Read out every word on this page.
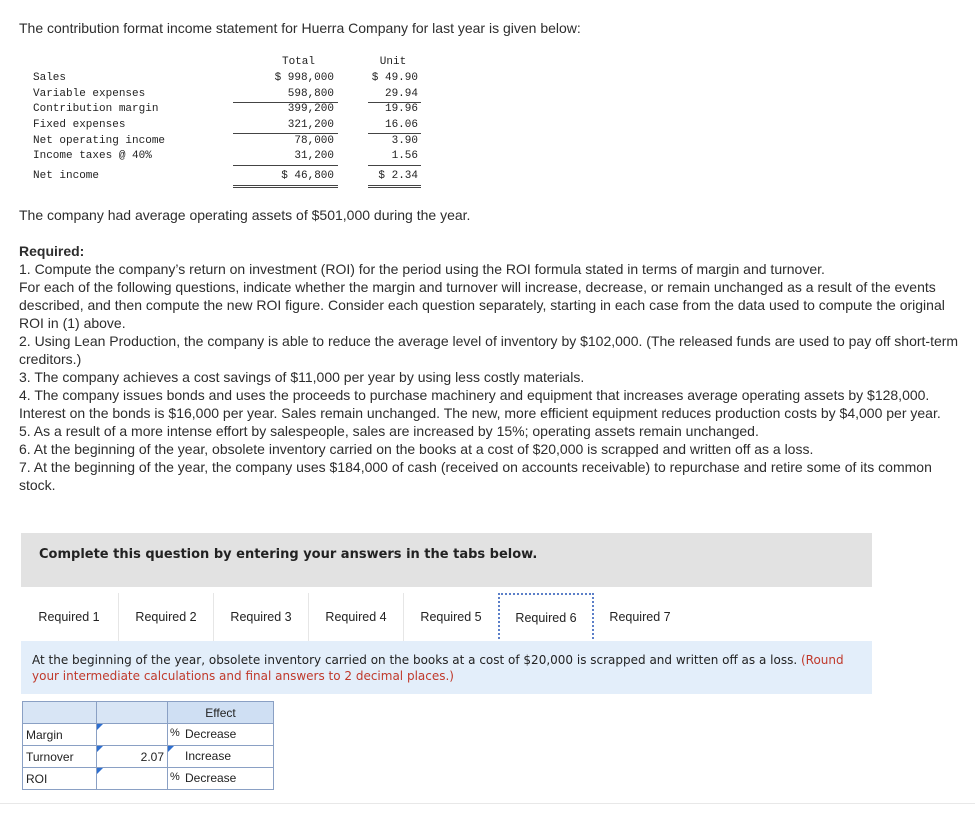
The contribution format income statement for Huerra Company for last year is given below:

Total	Unit
Sales	$ 998,000	$ 49.90
Variable expenses	598,800	29.94
Contribution margin	399,200	19.96
Fixed expenses	321,200	16.06
Net operating income	78,000	3.90
Income taxes @ 40%	31,200	1.56
Net income	$ 46,800	$ 2.34

The company had average operating assets of $501,000 during the year.

Required:

1. Compute the company’s return on investment (ROI) for the period using the ROI formula stated in terms of margin and turnover.
For each of the following questions, indicate whether the margin and turnover will increase, decrease, or remain unchanged as a result of the events described, and then compute the new ROI figure. Consider each question separately, starting in each case from the data used to compute the original ROI in (1) above.
2. Using Lean Production, the company is able to reduce the average level of inventory by $102,000. (The released funds are used to pay off short-term creditors.)
3. The company achieves a cost savings of $11,000 per year by using less costly materials.
4. The company issues bonds and uses the proceeds to purchase machinery and equipment that increases average operating assets by $128,000. Interest on the bonds is $16,000 per year. Sales remain unchanged. The new, more efficient equipment reduces production costs by $4,000 per year.
5. As a result of a more intense effort by salespeople, sales are increased by 15%; operating assets remain unchanged.
6. At the beginning of the year, obsolete inventory carried on the books at a cost of $20,000 is scrapped and written off as a loss.
7. At the beginning of the year, the company uses $184,000 of cash (received on accounts receivable) to repurchase and retire some of its common stock.
Complete this question by entering your answers in the tabs below.
Required 1	Required 2	Required 3	Required 4	Required 5	Required 6	Required 7

At the beginning of the year, obsolete inventory carried on the books at a cost of $20,000 is scrapped and written off as a loss. (Round your intermediate calculations and final answers to 2 decimal places.)

		Effect
Margin		% Decrease

Turnover	2.07	Increase

ROI		% Decrease
